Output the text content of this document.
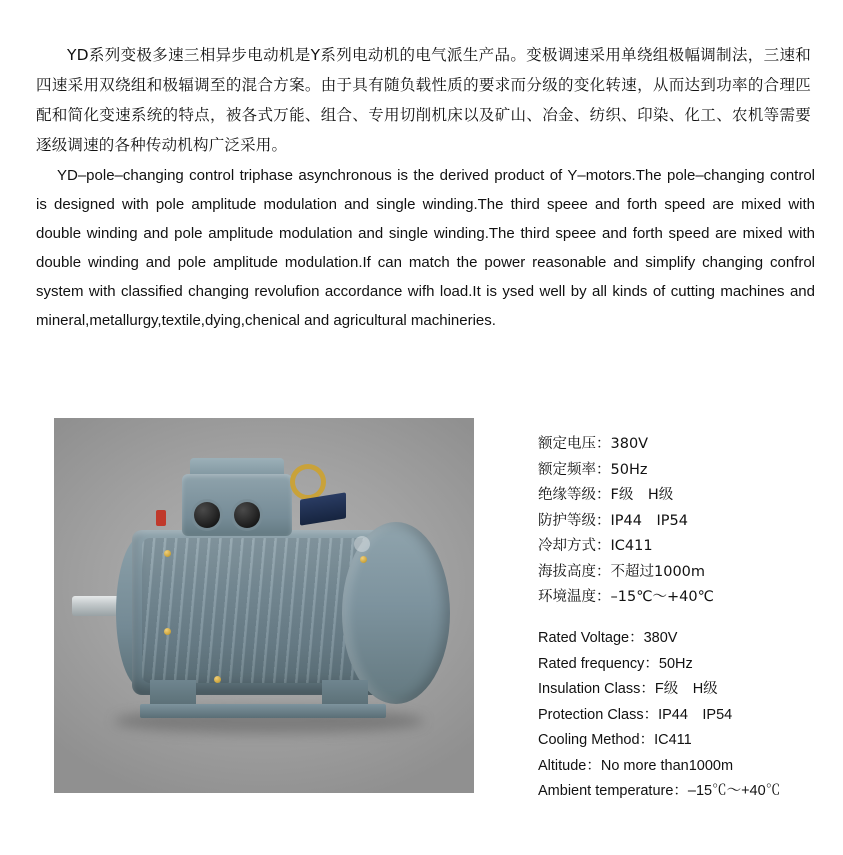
YD系列变极多速三相异步电动机是Y系列电动机的电气派生产品。变极调速采用单绕组极幅调制法，三速和四速采用双绕组和极辐调至的混合方案。由于具有随负载性质的要求而分级的变化转速，从而达到功率的合理匹配和简化变速系统的特点，被各式万能、组合、专用切削机床以及矿山、冶金、纺织、印染、化工、农机等需要逐级调速的各种传动机构广泛采用。

YD–pole–changing control triphase asynchronous is the derived product of Y–motors.The pole–changing control is designed with pole amplitude modulation and single winding.The third speee and forth speed are mixed with double winding and pole amplitude modulation and single winding.The third speee and forth speed are mixed with double winding and pole amplitude modulation.If can match the power reasonable and simplify changing confrol system with classified changing revolufion accordance wifh load.It is ysed well by all kinds of cutting machines and mineral,metallurgy,textile,dying,chenical and agricultural machineries.

额定电压：380V
额定频率：50Hz
绝缘等级：F级　H级
防护等级：IP44　IP54
冷却方式：IC411
海拔高度：不超过1000m
环境温度：–15℃～+40℃
Rated Voltage：380V
Rated frequency：50Hz
Insulation Class：F级　H级
Protection Class：IP44　IP54
Cooling Method：IC411
Altitude：No more than1000m
Ambient temperature：–15℃～+40℃
